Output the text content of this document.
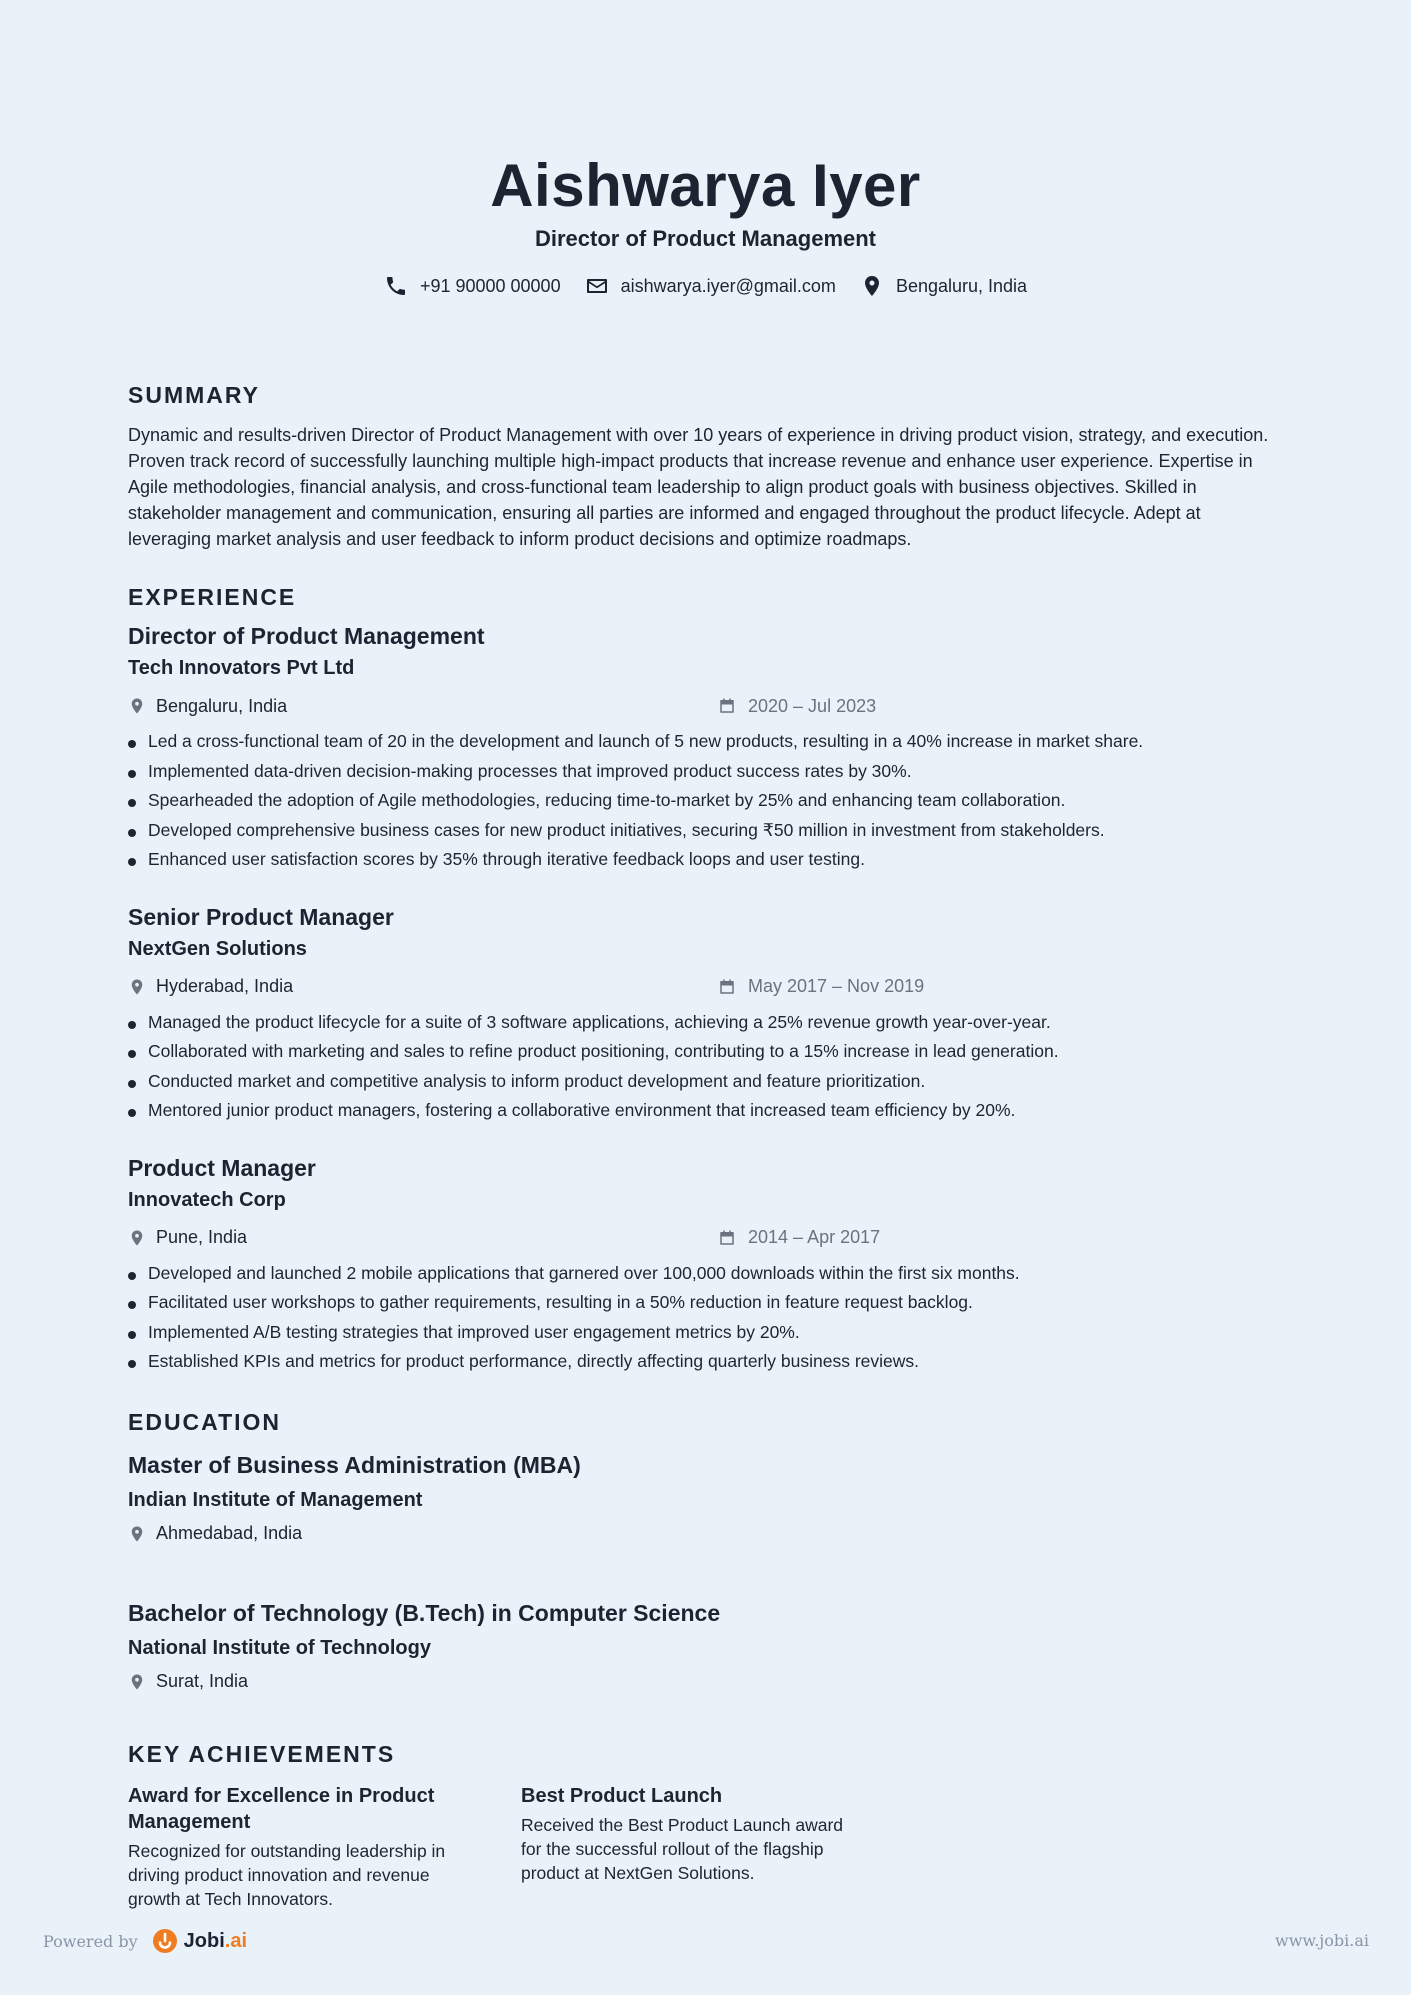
Aishwarya Iyer
Director of Product Management
+91 90000 00000	aishwarya.iyer@gmail.com	Bengaluru, India
SUMMARY
Dynamic and results-driven Director of Product Management with over 10 years of experience in driving product vision, strategy, and execution. Proven track record of successfully launching multiple high-impact products that increase revenue and enhance user experience. Expertise in Agile methodologies, financial analysis, and cross-functional team leadership to align product goals with business objectives. Skilled in stakeholder management and communication, ensuring all parties are informed and engaged throughout the product lifecycle. Adept at leveraging market analysis and user feedback to inform product decisions and optimize roadmaps.
EXPERIENCE
Director of Product Management
Tech Innovators Pvt Ltd
Bengaluru, India	2020 – Jul 2023
Led a cross-functional team of 20 in the development and launch of 5 new products, resulting in a 40% increase in market share.
Implemented data-driven decision-making processes that improved product success rates by 30%.
Spearheaded the adoption of Agile methodologies, reducing time-to-market by 25% and enhancing team collaboration.
Developed comprehensive business cases for new product initiatives, securing ₹50 million in investment from stakeholders.
Enhanced user satisfaction scores by 35% through iterative feedback loops and user testing.
Senior Product Manager
NextGen Solutions
Hyderabad, India	May 2017 – Nov 2019
Managed the product lifecycle for a suite of 3 software applications, achieving a 25% revenue growth year-over-year.
Collaborated with marketing and sales to refine product positioning, contributing to a 15% increase in lead generation.
Conducted market and competitive analysis to inform product development and feature prioritization.
Mentored junior product managers, fostering a collaborative environment that increased team efficiency by 20%.
Product Manager
Innovatech Corp
Pune, India	2014 – Apr 2017
Developed and launched 2 mobile applications that garnered over 100,000 downloads within the first six months.
Facilitated user workshops to gather requirements, resulting in a 50% reduction in feature request backlog.
Implemented A/B testing strategies that improved user engagement metrics by 20%.
Established KPIs and metrics for product performance, directly affecting quarterly business reviews.
EDUCATION
Master of Business Administration (MBA)
Indian Institute of Management
Ahmedabad, India
Bachelor of Technology (B.Tech) in Computer Science
National Institute of Technology
Surat, India
KEY ACHIEVEMENTS
Award for Excellence in Product Management
Recognized for outstanding leadership in driving product innovation and revenue growth at Tech Innovators.
Best Product Launch
Received the Best Product Launch award for the successful rollout of the flagship product at NextGen Solutions.
Powered by Jobi.ai	www.jobi.ai
